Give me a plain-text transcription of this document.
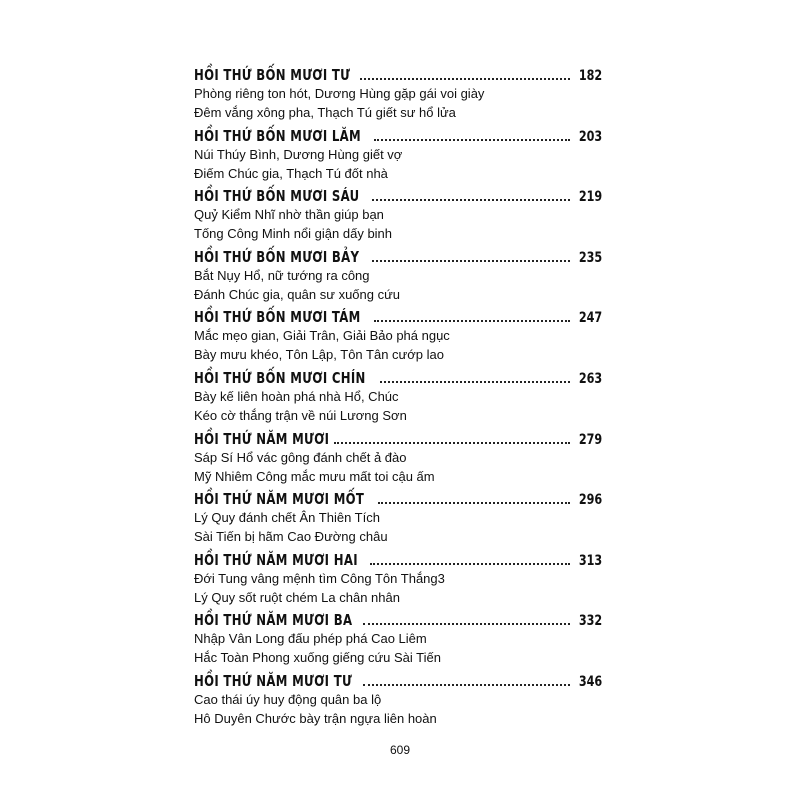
HỒI THỨ BỐN MƯƠI TƯ	182
Phòng riêng ton hót, Dương Hùng gặp gái voi giày
Đêm vắng xông pha, Thạch Tú giết sư hổ lửa
HỒI THỨ BỐN MƯƠI LĂM	203
Núi Thúy Bình, Dương Hùng giết vợ
Điếm Chúc gia, Thạch Tú đốt nhà
HỒI THỨ BỐN MƯƠI SÁU	219
Quỷ Kiểm Nhĩ nhờ thần giúp bạn
Tống Công Minh nổi giận dấy binh
HỒI THỨ BỐN MƯƠI BẢY	235
Bắt Nụy Hổ, nữ tướng ra công
Đánh Chúc gia, quân sư xuống cứu
HỒI THỨ BỐN MƯƠI TÁM	247
Mắc mẹo gian, Giải Trân, Giải Bảo phá ngục
Bày mưu khéo, Tôn Lập, Tôn Tân cướp lao
HỒI THỨ BỐN MƯƠI CHÍN	263
Bày kế liên hoàn phá nhà Hổ, Chúc
Kéo cờ thắng trận về núi Lương Sơn
HỒI THỨ NĂM MƯƠI	279
Sáp Sí Hổ vác gông đánh chết ả đào
Mỹ Nhiêm Công mắc mưu mất toi cậu ấm
HỒI THỨ NĂM MƯƠI MỐT	296
Lý Quy đánh chết Ân Thiên Tích
Sài Tiến bị hãm Cao Đường châu
HỒI THỨ NĂM MƯƠI HAI	313
Đới Tung vâng mệnh tìm Công Tôn Thắng3
Lý Quy sốt ruột chém La chân nhân
HỒI THỨ NĂM MƯƠI BA	332
Nhập Vân Long đấu phép phá Cao Liêm
Hắc Toàn Phong xuống giếng cứu Sài Tiến
HỒI THỨ NĂM MƯƠI TƯ	346
Cao thái úy huy động quân ba lộ
Hô Duyên Chước bày trận ngựa liên hoàn
609
